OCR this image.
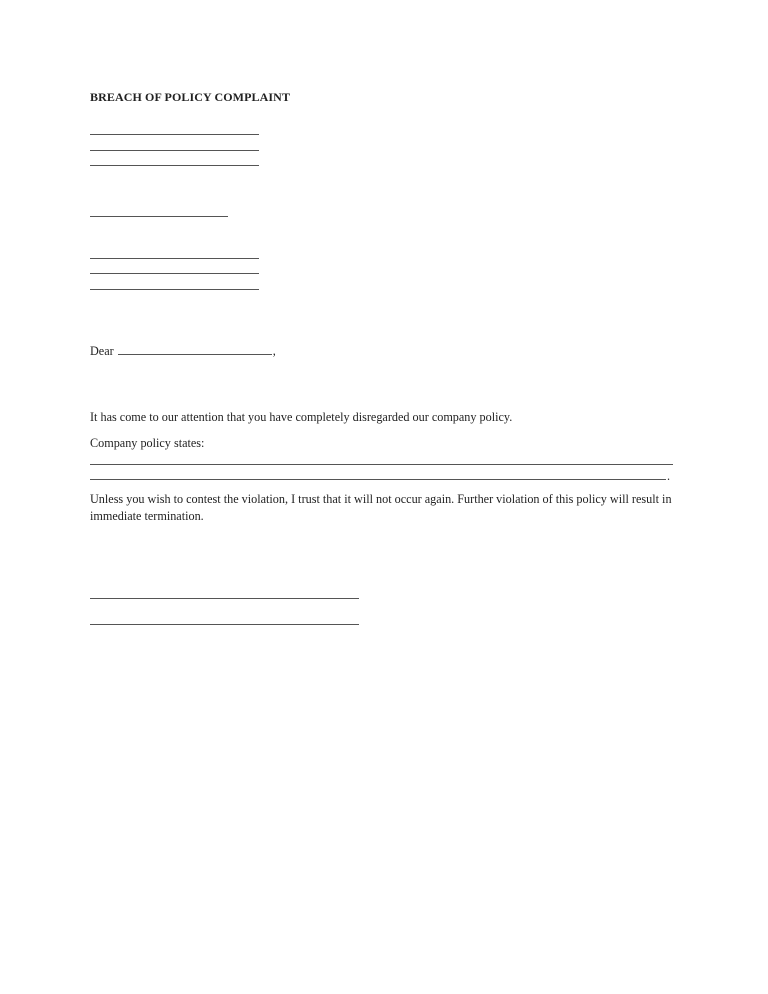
BREACH OF POLICY COMPLAINT
Dear	,
It has come to our attention that you have completely disregarded our company policy.
Company policy states:
.
Unless you wish to contest the violation, I trust that it will not occur again. Further violation of this policy will result in immediate termination.
